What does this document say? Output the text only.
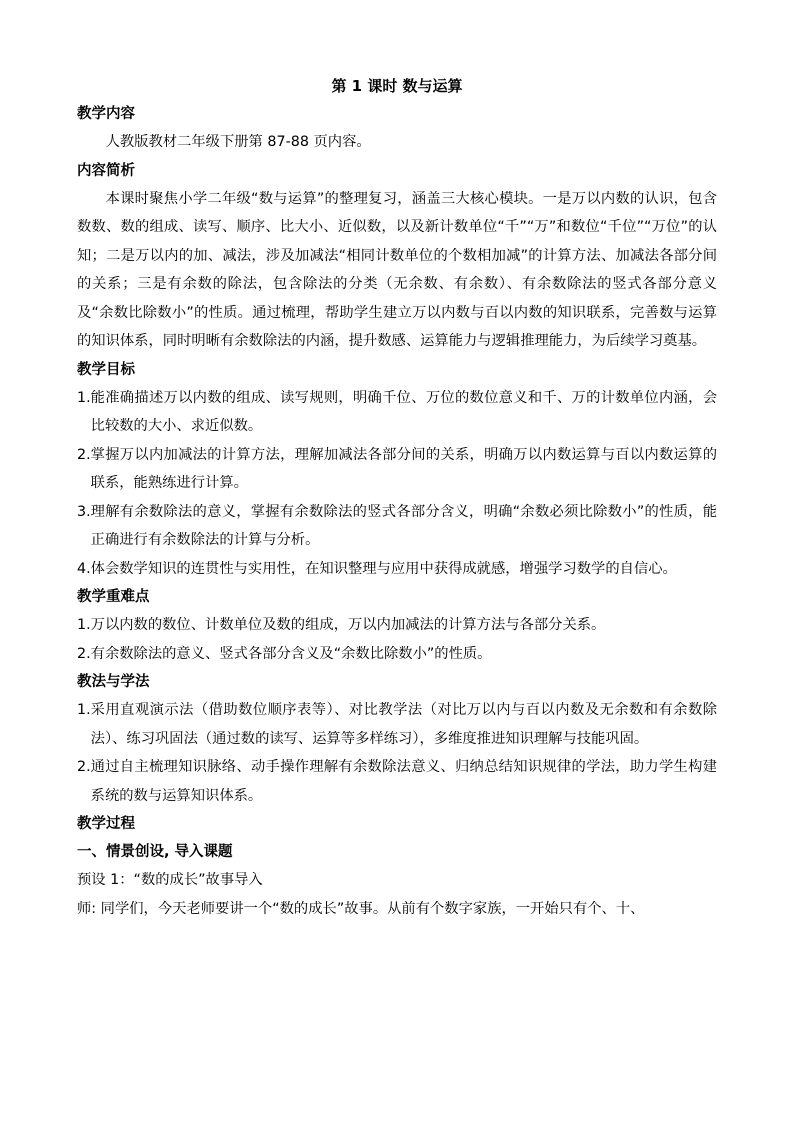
第 1 课时 数与运算
教学内容

人教版教材二年级下册第 87-88 页内容。

内容简析

本课时聚焦小学二年级“数与运算”的整理复习，涵盖三大核心模块。一是万以内数的认识，包含数数、数的组成、读写、顺序、比大小、近似数，以及新计数单位“千”“万”和数位“千位”“万位”的认知；二是万以内的加、减法，涉及加减法“相同计数单位的个数相加减”的计算方法、加减法各部分间的关系；三是有余数的除法，包含除法的分类（无余数、有余数）、有余数除法的竖式各部分意义及“余数比除数小”的性质。通过梳理，帮助学生建立万以内数与百以内数的知识联系，完善数与运算的知识体系，同时明晰有余数除法的内涵，提升数感、运算能力与逻辑推理能力，为后续学习奠基。

教学目标
1. 能准确描述万以内数的组成、读写规则，明确千位、万位的数位意义和千、万的计数单位内涵，会比较数的大小、求近似数。
2. 掌握万以内加减法的计算方法，理解加减法各部分间的关系，明确万以内数运算与百以内数运算的联系，能熟练进行计算。
3. 理解有余数除法的意义，掌握有余数除法的竖式各部分含义，明确“余数必须比除数小”的性质，能正确进行有余数除法的计算与分析。
4. 体会数学知识的连贯性与实用性，在知识整理与应用中获得成就感，增强学习数学的自信心。
教学重难点
1. 万以内数的数位、计数单位及数的组成，万以内加减法的计算方法与各部分关系。
2. 有余数除法的意义、竖式各部分含义及“余数比除数小”的性质。
教法与学法
1. 采用直观演示法（借助数位顺序表等）、对比教学法（对比万以内与百以内数及无余数和有余数除法）、练习巩固法（通过数的读写、运算等多样练习），多维度推进知识理解与技能巩固。
2. 通过自主梳理知识脉络、动手操作理解有余数除法意义、归纳总结知识规律的学法，助力学生构建系统的数与运算知识体系。
教学过程
一、情景创设, 导入课题

预设 1：“数的成长”故事导入

师: 同学们，今天老师要讲一个“数的成长”故事。从前有个数字家族，一开始只有个、十、
